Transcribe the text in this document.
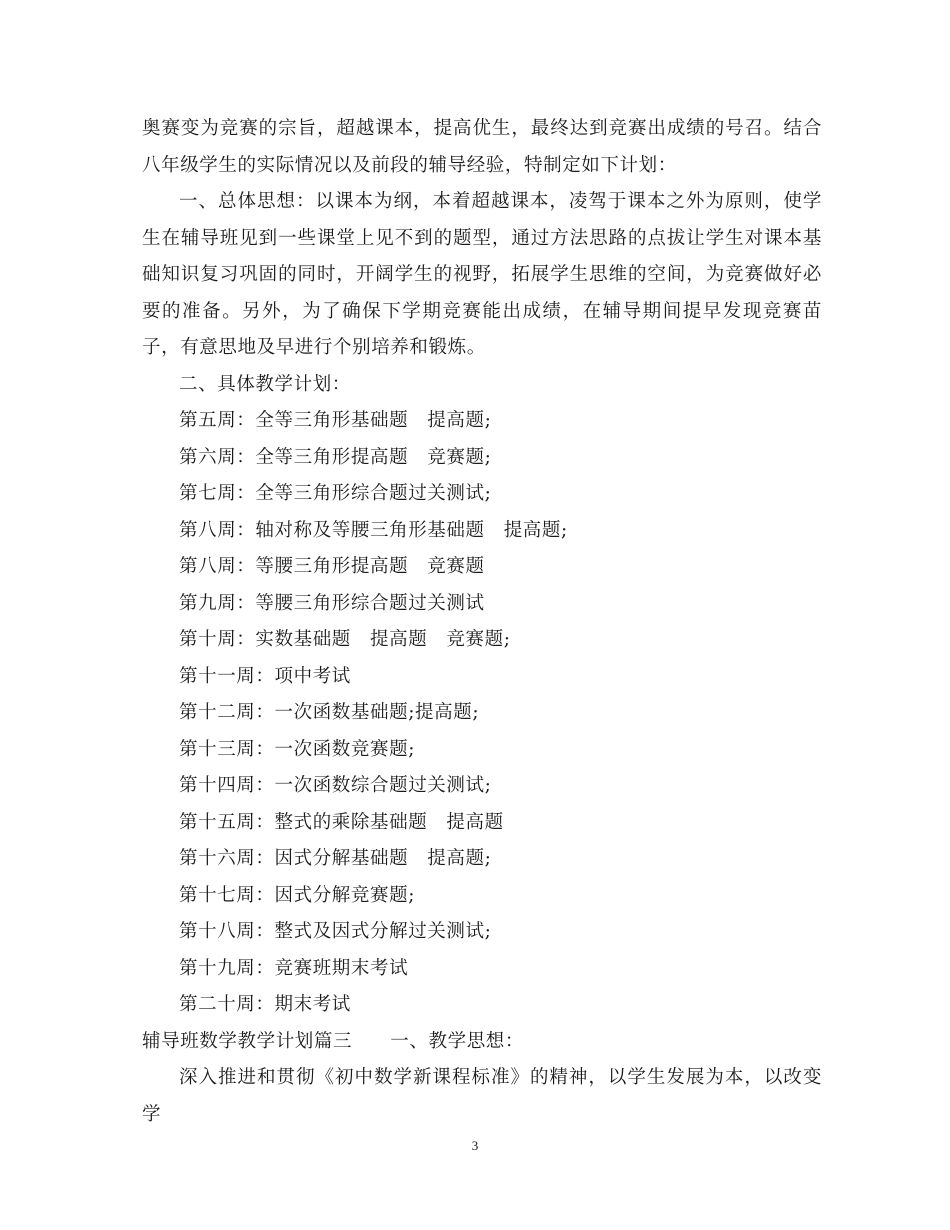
奥赛变为竞赛的宗旨，超越课本，提高优生，最终达到竞赛出成绩的号召。结合八年级学生的实际情况以及前段的辅导经验，特制定如下计划：

一、总体思想：以课本为纲，本着超越课本，凌驾于课本之外为原则，使学生在辅导班见到一些课堂上见不到的题型，通过方法思路的点拔让学生对课本基础知识复习巩固的同时，开阔学生的视野，拓展学生思维的空间，为竞赛做好必要的准备。另外，为了确保下学期竞赛能出成绩，在辅导期间提早发现竞赛苗子，有意思地及早进行个别培养和锻炼。

二、具体教学计划：

第五周：全等三角形基础题　提高题;

第六周：全等三角形提高题　竞赛题;

第七周：全等三角形综合题过关测试;

第八周：轴对称及等腰三角形基础题　提高题;

第八周：等腰三角形提高题　竞赛题

第九周：等腰三角形综合题过关测试

第十周：实数基础题　提高题　竞赛题;

第十一周：项中考试

第十二周：一次函数基础题;提高题;

第十三周：一次函数竞赛题;

第十四周：一次函数综合题过关测试;

第十五周：整式的乘除基础题　提高题

第十六周：因式分解基础题　提高题;

第十七周：因式分解竞赛题;

第十八周：整式及因式分解过关测试;

第十九周：竞赛班期末考试

第二十周：期末考试

辅导班数学教学计划篇三　　一、教学思想：

深入推进和贯彻《初中数学新课程标准》的精神，以学生发展为本，以改变学

3
